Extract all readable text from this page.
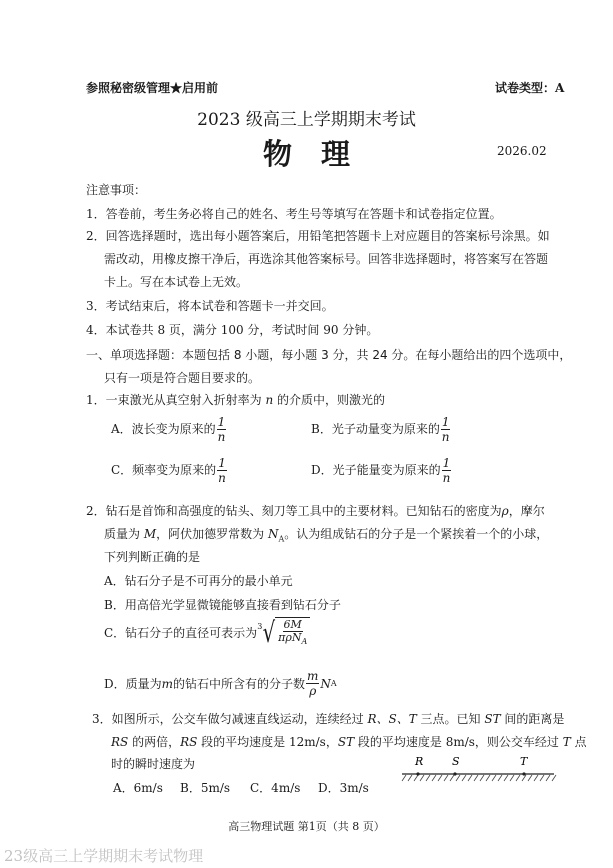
参照秘密级管理★启用前	试卷类型：A
2023 级高三上学期期末考试
物　理	2026.02
注意事项：
1．答卷前，考生务必将自己的姓名、考生号等填写在答题卡和试卷指定位置。
2．回答选择题时，选出每小题答案后，用铅笔把答题卡上对应题目的答案标号涂黑。如
需改动，用橡皮擦干净后，再选涂其他答案标号。回答非选择题时，将答案写在答题
卡上。写在本试卷上无效。
3．考试结束后，将本试卷和答题卡一并交回。
4．本试卷共 8 页，满分 100 分，考试时间 90 分钟。
一、单项选择题：本题包括 8 小题，每小题 3 分，共 24 分。在每小题给出的四个选项中，
只有一项是符合题目要求的。
1．一束激光从真空射入折射率为 n 的介质中，则激光的
A．波长变为原来的 $\frac{1}{n}$	B．光子动量变为原来的 $\frac{1}{n}$
C．频率变为原来的 $\frac{1}{n}$	D．光子能量变为原来的 $\frac{1}{n}$
2．钻石是首饰和高强度的钻头、刻刀等工具中的主要材料。已知钻石的密度为ρ，摩尔
质量为 M，阿伏加德罗常数为 $N_A$。认为组成钻石的分子是一个紧挨着一个的小球，
下列判断正确的是
A．钻石分子是不可再分的最小单元
B．用高倍光学显微镜能够直接看到钻石分子
C．钻石分子的直径可表示为 3 √ 6M
πρN$_A$
D．质量为 m 的钻石中所含有的分子数 $\frac{m}{\rho}$ N A
3．如图所示，公交车做匀减速直线运动，连续经过 R、S、T 三点。已知 ST 间的距离是
RS 的两倍，RS 段的平均速度是 12m/s，ST 段的平均速度是 8m/s，则公交车经过 T 点
时的瞬时速度为
A．6m/s B．5m/s C．4m/s D．3m/s
R	S	T
高三物理试题 第1页（共 8 页）
23级高三上学期期末考试物理
